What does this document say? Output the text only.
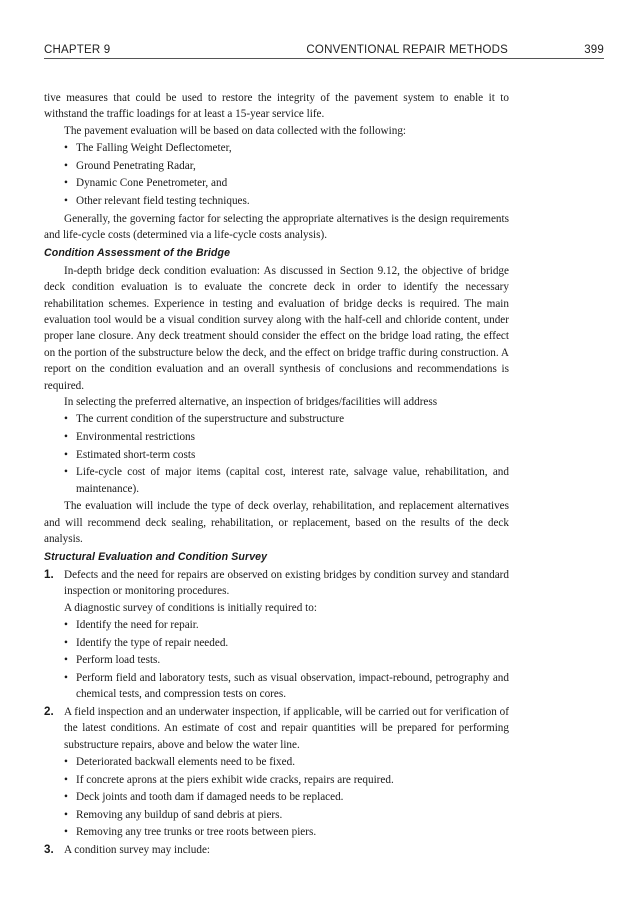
CHAPTER 9	CONVENTIONAL REPAIR METHODS	399

tive measures that could be used to restore the integrity of the pavement system to enable it to withstand the traffic loadings for at least a 15-year service life.

The pavement evaluation will be based on data collected with the following:

• The Falling Weight Deflectometer,
• Ground Penetrating Radar,
• Dynamic Cone Penetrometer, and
• Other relevant field testing techniques.

Generally, the governing factor for selecting the appropriate alternatives is the design requirements and life-cycle costs (determined via a life-cycle costs analysis).

Condition Assessment of the Bridge

In-depth bridge deck condition evaluation: As discussed in Section 9.12, the objective of bridge deck condition evaluation is to evaluate the concrete deck in order to identify the necessary rehabilitation schemes. Experience in testing and evaluation of bridge decks is required. The main evaluation tool would be a visual condition survey along with the half-cell and chloride content, under proper lane closure. Any deck treatment should consider the effect on the bridge load rating, the effect on the portion of the substructure below the deck, and the effect on bridge traffic during construction. A report on the condition evaluation and an overall synthesis of conclusions and recommendations is required.

In selecting the preferred alternative, an inspection of bridges/facilities will address

• The current condition of the superstructure and substructure
• Environmental restrictions
• Estimated short-term costs
• Life-cycle cost of major items (capital cost, interest rate, salvage value, rehabilitation, and maintenance).

The evaluation will include the type of deck overlay, rehabilitation, and replacement alternatives and will recommend deck sealing, rehabilitation, or replacement, based on the results of the deck analysis.

Structural Evaluation and Condition Survey
1. Defects and the need for repairs are observed on existing bridges by condition survey and standard inspection or monitoring procedures.

A diagnostic survey of conditions is initially required to:

• Identify the need for repair.
• Identify the type of repair needed.
• Perform load tests.
• Perform field and laboratory tests, such as visual observation, impact-rebound, petrography and chemical tests, and compression tests on cores.
2. A field inspection and an underwater inspection, if applicable, will be carried out for verification of the latest conditions. An estimate of cost and repair quantities will be prepared for performing substructure repairs, above and below the water line.

• Deteriorated backwall elements need to be fixed.
• If concrete aprons at the piers exhibit wide cracks, repairs are required.
• Deck joints and tooth dam if damaged needs to be replaced.
• Removing any buildup of sand debris at piers.
• Removing any tree trunks or tree roots between piers.
3. A condition survey may include:
